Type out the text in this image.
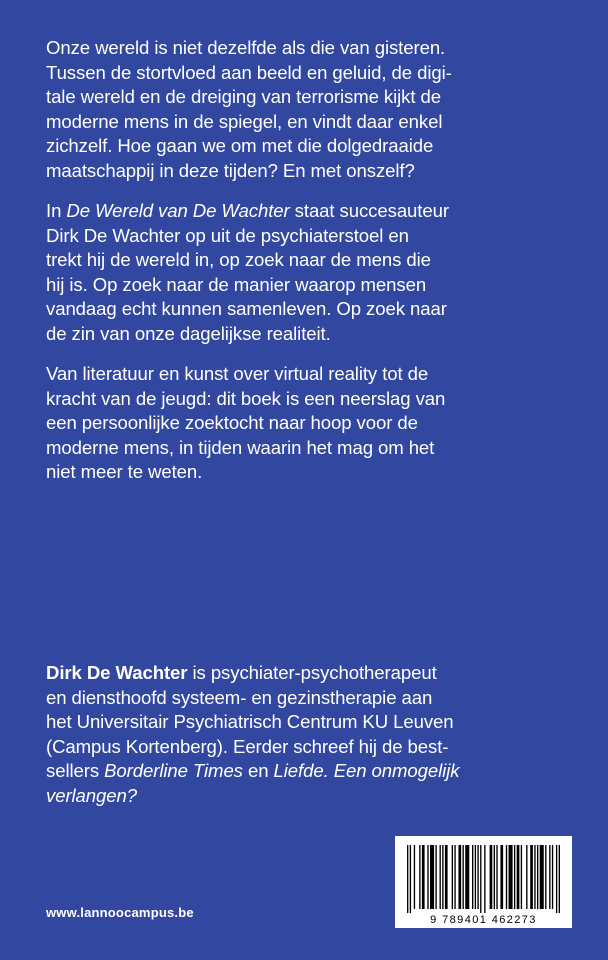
Onze wereld is niet dezelfde als die van gisteren.
Tussen de stortvloed aan beeld en geluid, de digi-
tale wereld en de dreiging van terrorisme kijkt de
moderne mens in de spiegel, en vindt daar enkel
zichzelf. Hoe gaan we om met die dolgedraaide
maatschappij in deze tijden? En met onszelf?
In De Wereld van De Wachter staat succesauteur
Dirk De Wachter op uit de psychiaterstoel en
trekt hij de wereld in, op zoek naar de mens die
hij is. Op zoek naar de manier waarop mensen
vandaag echt kunnen samenleven. Op zoek naar
de zin van onze dagelijkse realiteit.
Van literatuur en kunst over virtual reality tot de
kracht van de jeugd: dit boek is een neerslag van
een persoonlijke zoektocht naar hoop voor de
moderne mens, in tijden waarin het mag om het
niet meer te weten.
Dirk De Wachter is psychiater-psychotherapeut
en diensthoofd systeem- en gezinstherapie aan
het Universitair Psychiatrisch Centrum KU Leuven
(Campus Kortenberg). Eerder schreef hij de best-
sellers Borderline Times en Liefde. Een onmogelijk
verlangen?
www.lannoocampus.be	9 789401 462273
